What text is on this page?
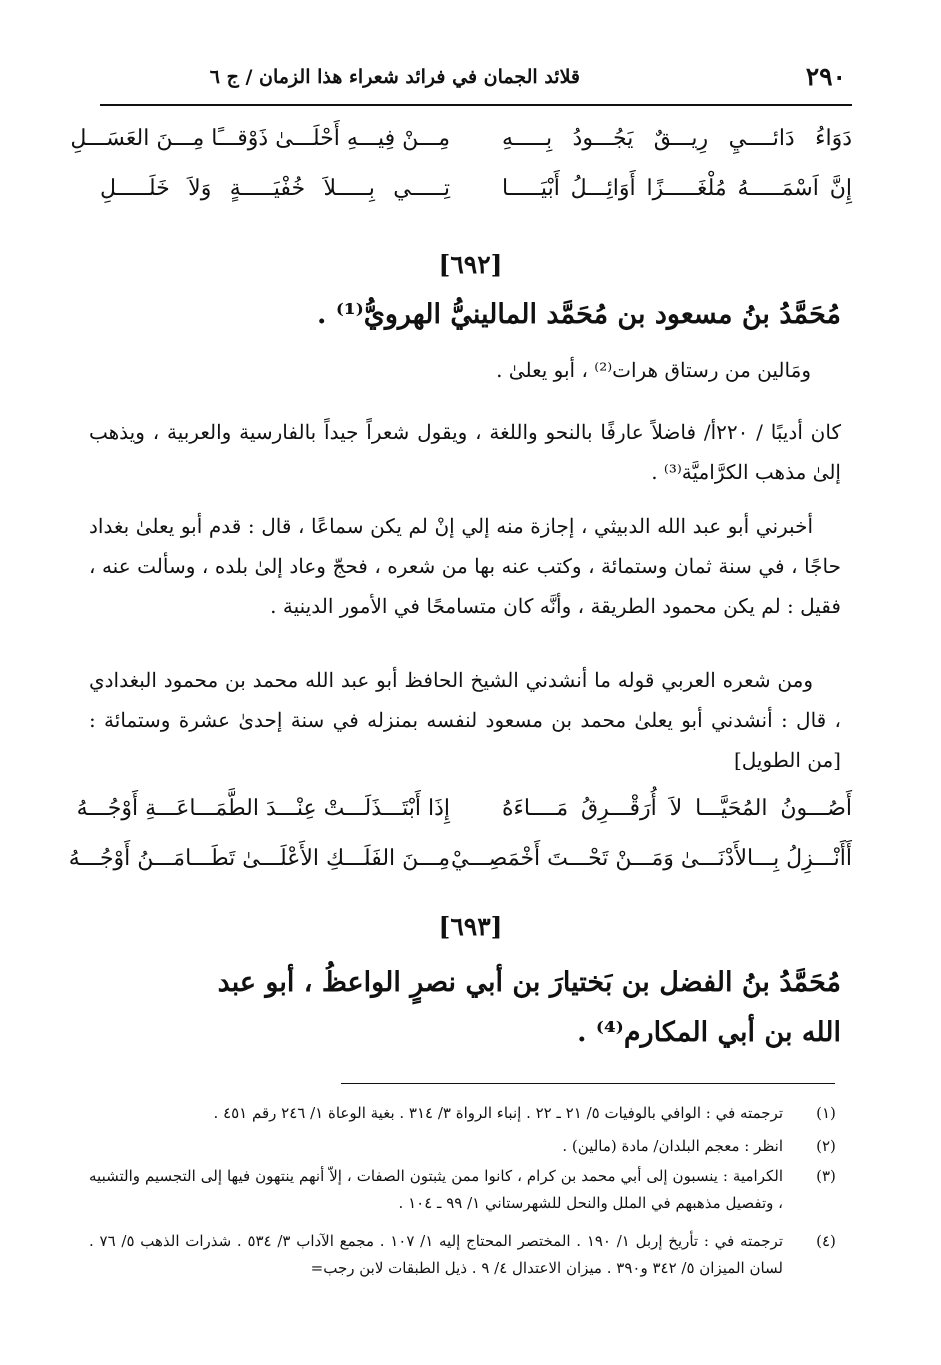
٢٩٠
قلائد الجمان في فرائد شعراء هذا الزمان / ج ٦
دَوَاءُ دَائــــيِ رِيـــقٌ يَجُـــودُ بِـــــهِ
مِـــنْ فِيـــهِ أَحْلَـــىٰ ذَوْقـــًا مِـــنَ العَسَـــلِ
إِنَّ اَسْمَـــــهُ مُلْغَـــــزًا أَوَائِـــلُ أَبْيَـــــا
تِـــــي بِـــــلاَ خُفْيَـــــةٍ وَلاَ خَلَـــــلِ
[٦٩٢]
مُحَمَّدُ بنُ مسعود بن مُحَمَّد المالينيُّ الهرويُّ⁽¹⁾ .
ومَالين من رستاق هرات⁽²⁾ ، أبو يعلىٰ .
كان أديبًا / ٢٢٠أ/ فاضلاً عارفًا بالنحو واللغة ، ويقول شعراً جيداً بالفارسية والعربية ، ويذهب إلىٰ مذهب الكرَّاميَّة⁽³⁾ .
أخبرني أبو عبد الله الدبيثي ، إجازة منه إلي إنْ لم يكن سماعًا ، قال : قدم أبو يعلىٰ بغداد حاجًا ، في سنة ثمان وستمائة ، وكتب عنه بها من شعره ، فحجّ وعاد إلىٰ بلده ، وسألت عنه ، فقيل : لم يكن محمود الطريقة ، وأنَّه كان متسامحًا في الأمور الدينية .
ومن شعره العربي قوله ما أنشدني الشيخ الحافظ أبو عبد الله محمد بن محمود البغدادي ، قال : أنشدني أبو يعلىٰ محمد بن مسعود لنفسه بمنزله في سنة إحدىٰ عشرة وستمائة : [من الطويل]
أَصُـــونُ المُحَيَّـــا لاَ أُرَقْـــرِقُ مَــــاءَهُ
إِذَا أَبْتَـــذَلَـــتْ عِنْـــدَ الطَّمَـــاعَـــةِ أَوْجُـــهُ
أَأَنْـــزِلُ بِـــالأَدْنَـــىٰ وَمَـــنْ تَحْـــتَ أَخْمَصِـــيْ
مِـــنَ الفَلَـــكِ الأَعْلَـــىٰ تَطَـــامَـــنُ أَوْجُـــهُ
[٦٩٣]
مُحَمَّدُ بنُ الفضل بن بَختيارَ بن أبي نصرٍ الواعظُ ، أبو عبد الله بن أبي المكارم⁽⁴⁾ .
(١)
ترجمته في : الوافي بالوفيات ٥/ ٢١ ـ ٢٢ . إنباء الرواة ٣/ ٣١٤ . بغية الوعاة ١/ ٢٤٦ رقم ٤٥١ .
(٢)
انظر : معجم البلدان/ مادة (مالين) .
(٣)
الكرامية : ينسبون إلى أبي محمد بن كرام ، كانوا ممن يثبتون الصفات ، إلاّ أنهم ينتهون فيها إلى التجسيم والتشبيه ، وتفصيل مذهبهم في الملل والنحل للشهرستاني ١/ ٩٩ ـ ١٠٤ .
(٤)
ترجمته في : تأريخ إربل ١/ ١٩٠ . المختصر المحتاج إليه ١/ ١٠٧ . مجمع الآداب ٣/ ٥٣٤ . شذرات الذهب ٥/ ٧٦ . لسان الميزان ٥/ ٣٤٢ و٣٩٠ . ميزان الاعتدال ٤/ ٩ . ذيل الطبقات لابن رجب=
